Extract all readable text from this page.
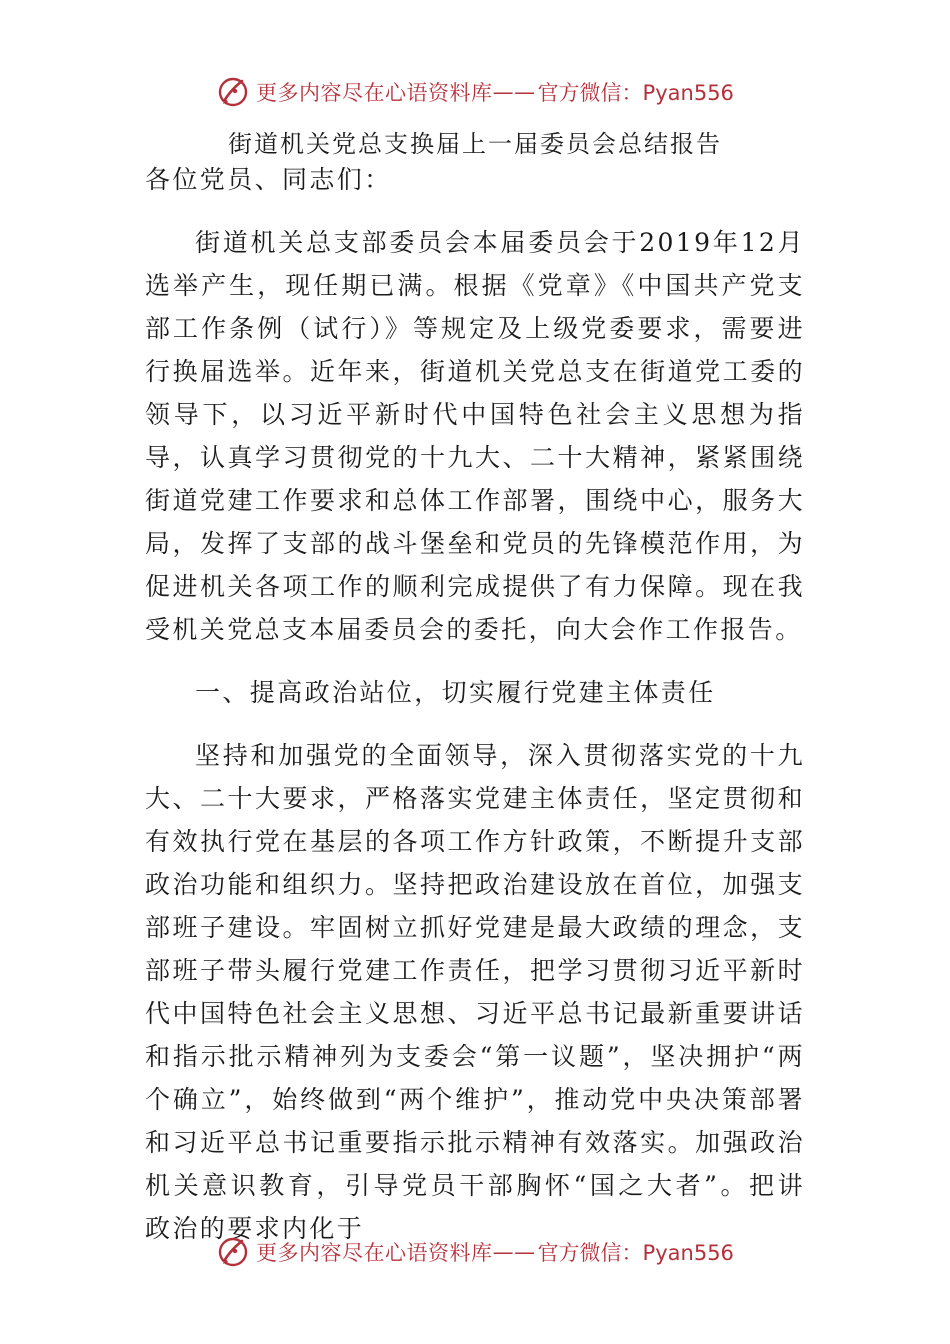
更多内容尽在心语资料库 —— 官方微信：Pyan556
街道机关党总支换届上一届委员会总结报告

各位党员、同志们：

街道机关总支部委员会本届委员会于2019年12月选举产生，现任期已满。根据《党章》《中国共产党支部工作条例（试行）》等规定及上级党委要求，需要进行换届选举。近年来，街道机关党总支在街道党工委的领导下，以习近平新时代中国特色社会主义思想为指导，认真学习贯彻党的十九大、二十大精神，紧紧围绕街道党建工作要求和总体工作部署，围绕中心，服务大局，发挥了支部的战斗堡垒和党员的先锋模范作用，为促进机关各项工作的顺利完成提供了有力保障。现在我受机关党总支本届委员会的委托，向大会作工作报告。

一、提高政治站位，切实履行党建主体责任

坚持和加强党的全面领导，深入贯彻落实党的十九大、二十大要求，严格落实党建主体责任，坚定贯彻和有效执行党在基层的各项工作方针政策，不断提升支部政治功能和组织力。坚持把政治建设放在首位，加强支部班子建设。牢固树立抓好党建是最大政绩的理念，支部班子带头履行党建工作责任，把学习贯彻习近平新时代中国特色社会主义思想、习近平总书记最新重要讲话和指示批示精神列为支委会“第一议题”，坚决拥护“两个确立”，始终做到“两个维护”，推动党中央决策部署和习近平总书记重要指示批示精神有效落实。加强政治机关意识教育，引导党员干部胸怀“国之大者”。把讲政治的要求内化于

更多内容尽在心语资料库 —— 官方微信：Pyan556
